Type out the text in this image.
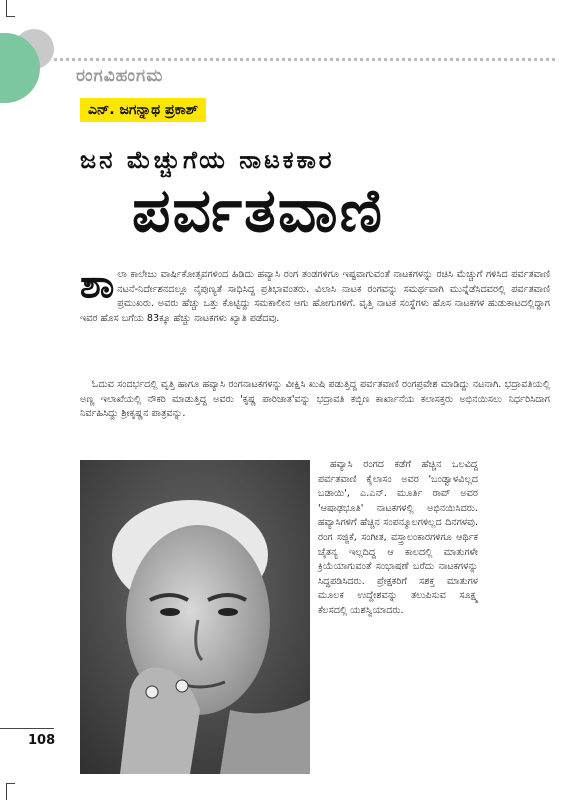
ರಂಗವಿಹಂಗಮ
ಎನ್. ಜಗನ್ನಾಥ ಪ್ರಕಾಶ್
ಜನ ಮೆಚ್ಚುಗೆಯ ನಾಟಕಕಾರ
ಪರ್ವತವಾಣಿ
ಶಾಲಾ ಕಾಲೇಜು ವಾರ್ಷಿಕೋತ್ಸವಗಳಿಂದ ಹಿಡಿದು ಹವ್ಯಾಸಿ ರಂಗ ತಂಡಗಳಿಗೂ ಇಷ್ಟವಾಗುವಂತೆ ನಾಟಕಗಳನ್ನು ರಚಿಸಿ ಮೆಚ್ಚುಗೆ ಗಳಿಸಿದ ಪರ್ವತವಾಣಿ ನಟನೆ-ನಿರ್ದೇಶನದಲ್ಲೂ ನೈಪುಣ್ಯತೆ ಸಾಧಿಸಿದ್ದ ಪ್ರತಿಭಾವಂತರು. ವಿಲಾಸಿ ನಾಟಕ ರಂಗವನ್ನು ಸಮರ್ಥವಾಗಿ ಮುನ್ನೆಡೆಸಿದವರಲ್ಲಿ ಪರ್ವತವಾಣಿ ಪ್ರಮುಖರು. ಅವರು ಹೆಚ್ಚು ಒತ್ತು ಕೊಟ್ಟಿದ್ದು ಸಮಕಾಲೀನ ಆಗು ಹೋಗುಗಳಿಗೆ. ವೃತ್ತಿ ನಾಟಕ ಸಂಸ್ಥೆಗಳು ಹೊಸ ನಾಟಕಗಳ ಹುಡುಕಾಟದಲ್ಲಿದ್ದಾಗ ಇವರ ಹೊಸ ಬಗೆಯ 83ಕ್ಕೂ ಹೆಚ್ಚು ನಾಟಕಗಳು ಖ್ಯಾತಿ ಪಡೆದವು.
ಓದುವ ಸಂದರ್ಭದಲ್ಲಿ ವೃತ್ತಿ ಹಾಗೂ ಹವ್ಯಾಸಿ ರಂಗನಾಟಕಗಳನ್ನು ವೀಕ್ಷಿಸಿ ಖುಷಿ ಪಡುತ್ತಿದ್ದ ಪರ್ವತವಾಣಿ ರಂಗಪ್ರವೇಶ ಮಾಡಿದ್ದು ನಟನಾಗಿ. ಭದ್ರಾವತಿಯಲ್ಲಿ ಅಣ್ಣ ಇಲಾಖೆಯಲ್ಲಿ ನೌಕರಿ ಮಾಡುತ್ತಿದ್ದ ಅವರು 'ಕೃಷ್ಣ ಪಾರಿಜಾತ'ವನ್ನು ಭದ್ರಾವತಿ ಕಬ್ಬಿಣ ಕಾರ್ಖಾನೆಯ ಕಲಾಸಕ್ತರು ಅಭಿನಯಿಸಲು ನಿರ್ಧರಿಸಿದಾಗ ನಿರ್ವಹಿಸಿದ್ದು ಶ್ರೀಕೃಷ್ಣನ ಪಾತ್ರವನ್ನು.
ಹವ್ಯಾಸಿ ರಂಗದ ಕಡೆಗೆ ಹೆಚ್ಚಿನ ಒಲವಿದ್ದ ಪರ್ವತವಾಣಿ ಕೈಲಾಸಂ ಅವರ 'ಬಂಡ್ವಾಳವಿಲ್ಲದ ಬಡಾಯಿ', ಎ.ಎನ್. ಮೂರ್ತಿ ರಾವ್ ಅವರ 'ಆಷಾಢಭೂತಿ' ನಾಟಕಗಳಲ್ಲಿ ಅಭಿನಯಿಸಿದರು. ಹವ್ಯಾಸಿಗಳಿಗೆ ಹೆಚ್ಚಿನ ಸಂಪನ್ಮೂಲಗಳಿಲ್ಲದ ದಿನಗಳವು. ರಂಗ ಸಜ್ಜಿಕೆ, ಸಂಗೀತ, ವಸ್ತ್ರಾಲಂಕಾರಗಳಿಗೂ ಆರ್ಥಿಕ ಚೈತನ್ಯ ಇಲ್ಲದಿದ್ದ ಆ ಕಾಲದಲ್ಲಿ ಮಾತುಗಳೇ ಕ್ರಿಯೆಯಾಗುವಂತೆ ಸಂಭಾಷಣೆ ಬರೆದು ನಾಟಕಗಳನ್ನು ಸಿದ್ಧಪಡಿಸಿದರು. ಪ್ರೇಕ್ಷಕರಿಗೆ ಸಶಕ್ತ ಮಾತುಗಳ ಮೂಲಕ ಉದ್ದೇಶವನ್ನು ತಲುಪಿಸುವ ಸೂಕ್ಷ್ಮ ಕೆಲಸದಲ್ಲಿ ಯಶಸ್ವಿಯಾದರು.
108
